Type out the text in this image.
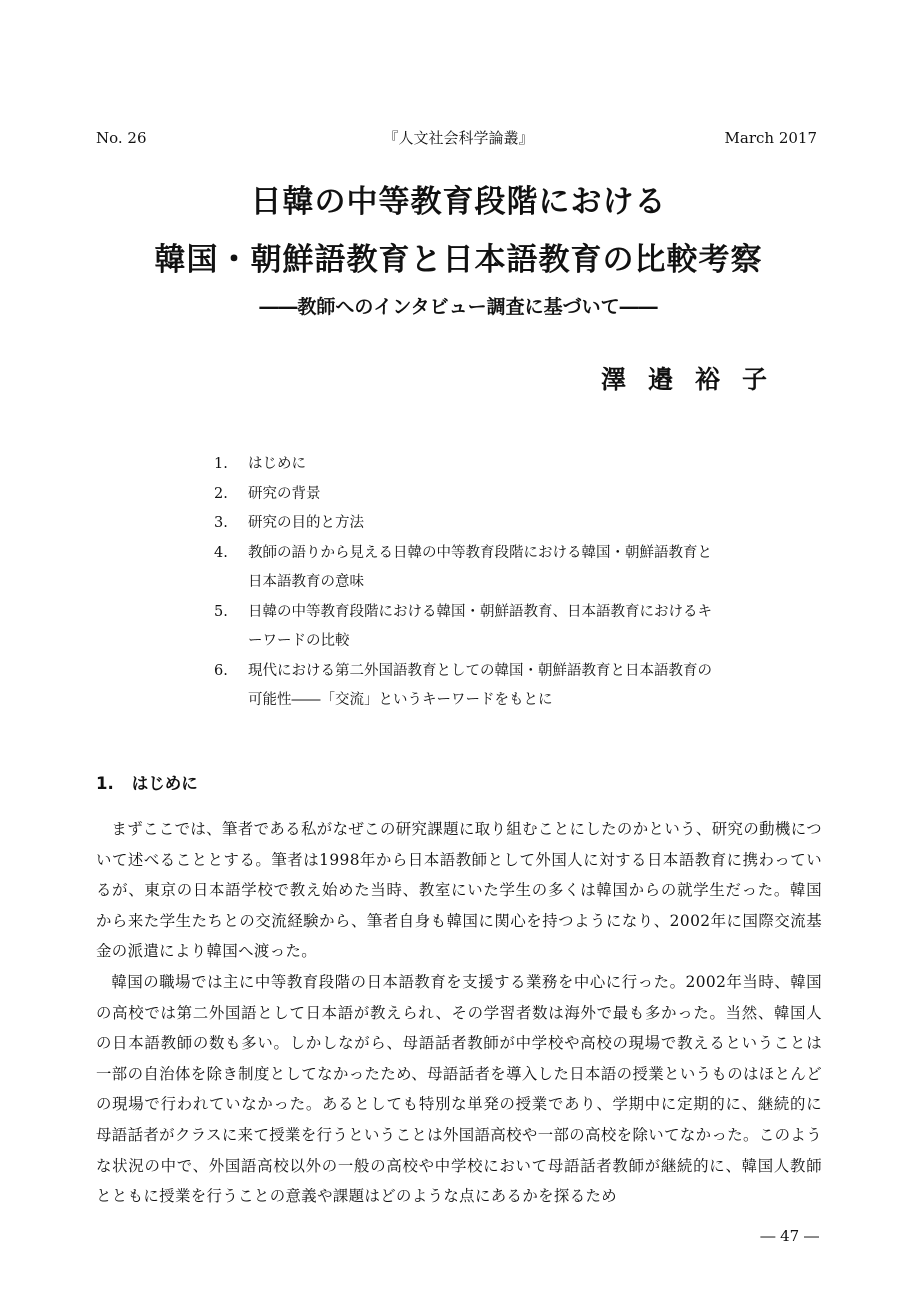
No. 26	『人文社会科学論叢』	March 2017
日韓の中等教育段階における
韓国・朝鮮語教育と日本語教育の比較考察
――教師へのインタビュー調査に基づいて――
澤邉裕子
1. はじめに
2. 研究の背景
3. 研究の目的と方法
4. 教師の語りから見える日韓の中等教育段階における韓国・朝鮮語教育と日本語教育の意味
5. 日韓の中等教育段階における韓国・朝鮮語教育、日本語教育におけるキーワードの比較
6. 現代における第二外国語教育としての韓国・朝鮮語教育と日本語教育の可能性――「交流」というキーワードをもとに
1. はじめに

まずここでは、筆者である私がなぜこの研究課題に取り組むことにしたのかという、研究の動機について述べることとする。筆者は1998年から日本語教師として外国人に対する日本語教育に携わっているが、東京の日本語学校で教え始めた当時、教室にいた学生の多くは韓国からの就学生だった。韓国から来た学生たちとの交流経験から、筆者自身も韓国に関心を持つようになり、2002年に国際交流基金の派遣により韓国へ渡った。

韓国の職場では主に中等教育段階の日本語教育を支援する業務を中心に行った。2002年当時、韓国の高校では第二外国語として日本語が教えられ、その学習者数は海外で最も多かった。当然、韓国人の日本語教師の数も多い。しかしながら、母語話者教師が中学校や高校の現場で教えるということは一部の自治体を除き制度としてなかったため、母語話者を導入した日本語の授業というものはほとんどの現場で行われていなかった。あるとしても特別な単発の授業であり、学期中に定期的に、継続的に母語話者がクラスに来て授業を行うということは外国語高校や一部の高校を除いてなかった。このような状況の中で、外国語高校以外の一般の高校や中学校において母語話者教師が継続的に、韓国人教師とともに授業を行うことの意義や課題はどのような点にあるかを探るため

― 47 ―
